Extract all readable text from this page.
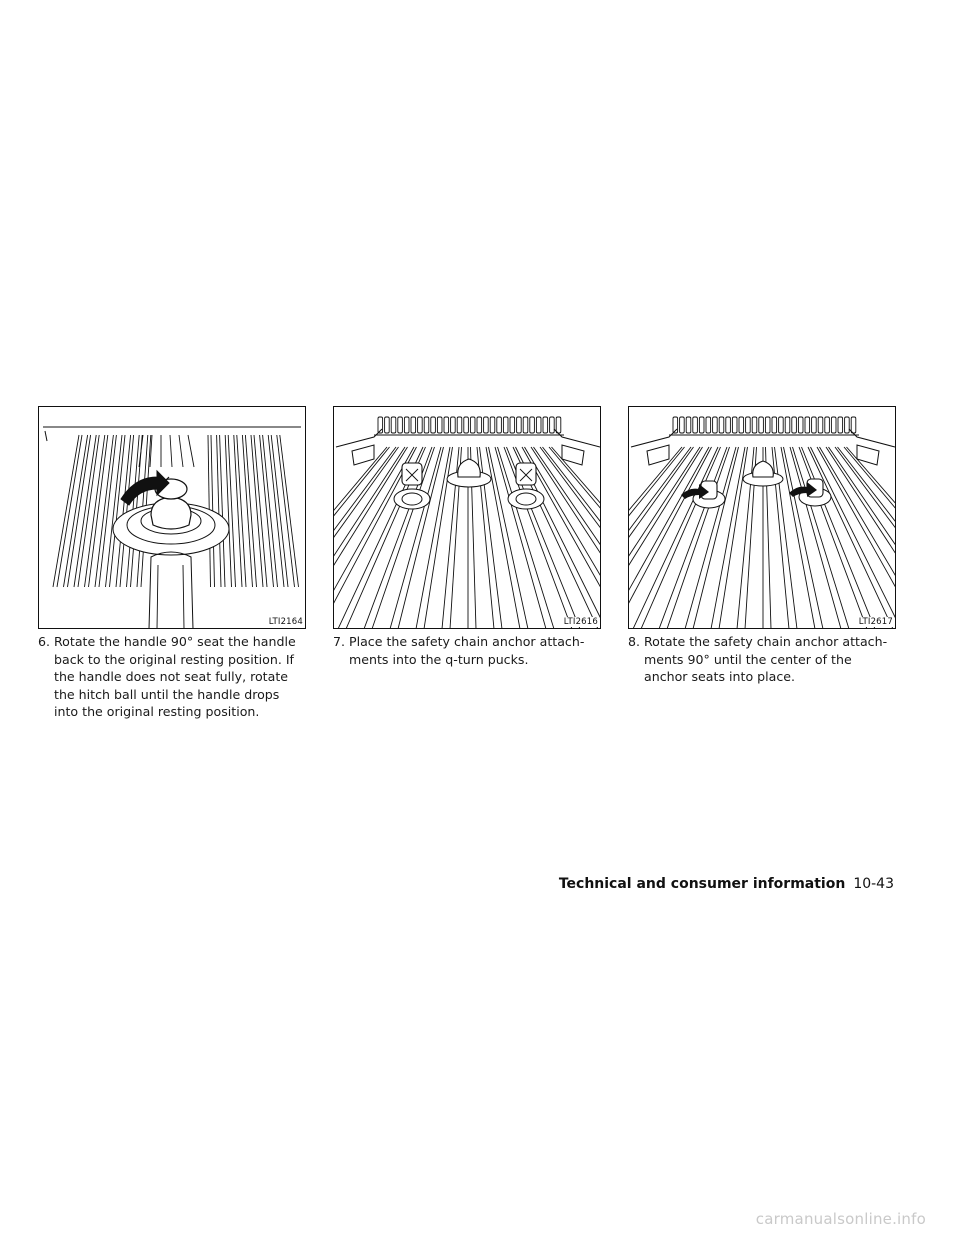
LTI2164	LTI2616	LTI2617
6. Rotate the handle 90° seat the handle back to the original resting position. If the handle does not seat fully, rotate the hitch ball until the handle drops into the original resting position.
7. Place the safety chain anchor attach-ments into the q-turn pucks.
8. Rotate the safety chain anchor attach-ments 90° until the center of the anchor seats into place.
Technical and consumer information 10-43
carmanualsonline.info
